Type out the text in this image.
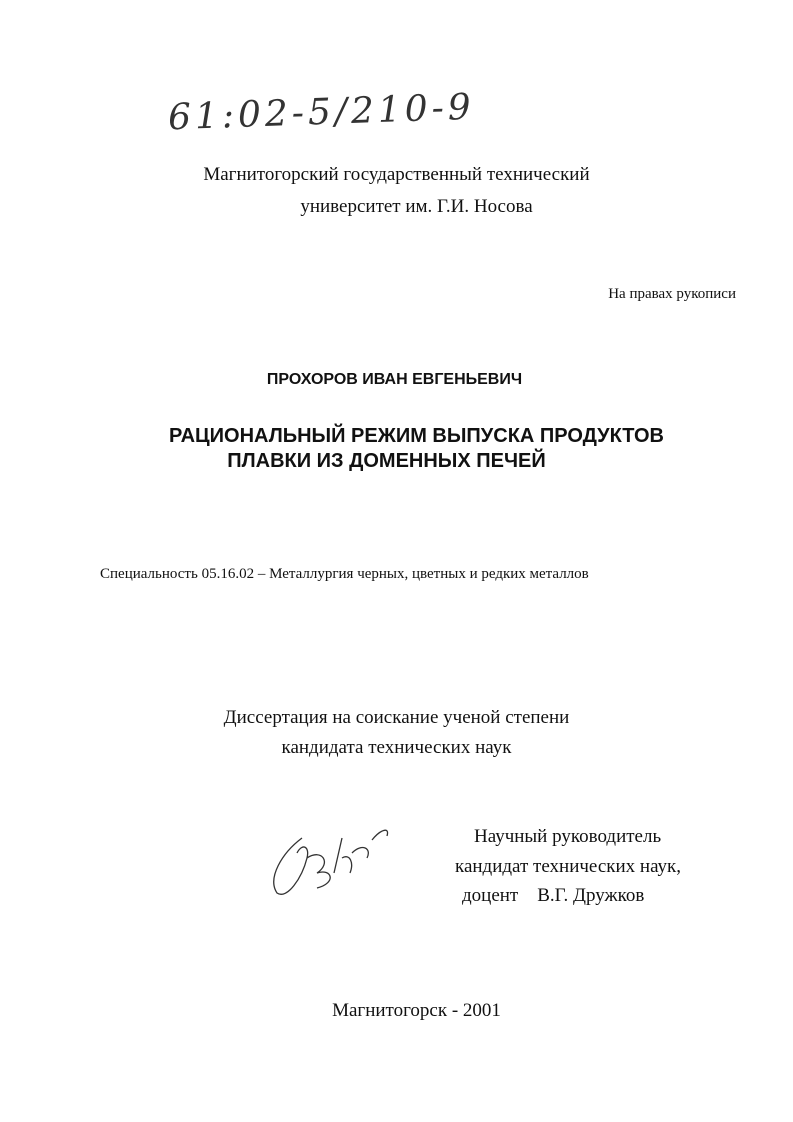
61:02-5/210-9
Магнитогорский государственный технический
университет им. Г.И. Носова
На правах рукописи
ПРОХОРОВ ИВАН ЕВГЕНЬЕВИЧ
РАЦИОНАЛЬНЫЙ РЕЖИМ ВЫПУСКА ПРОДУКТОВ
ПЛАВКИ ИЗ ДОМЕННЫХ ПЕЧЕЙ
Специальность 05.16.02 – Металлургия черных, цветных и редких металлов
Диссертация на соискание ученой степени
кандидата технических наук
Научный руководитель
кандидат технических наук,
доцент    В.Г. Дружков
Магнитогорск - 2001
